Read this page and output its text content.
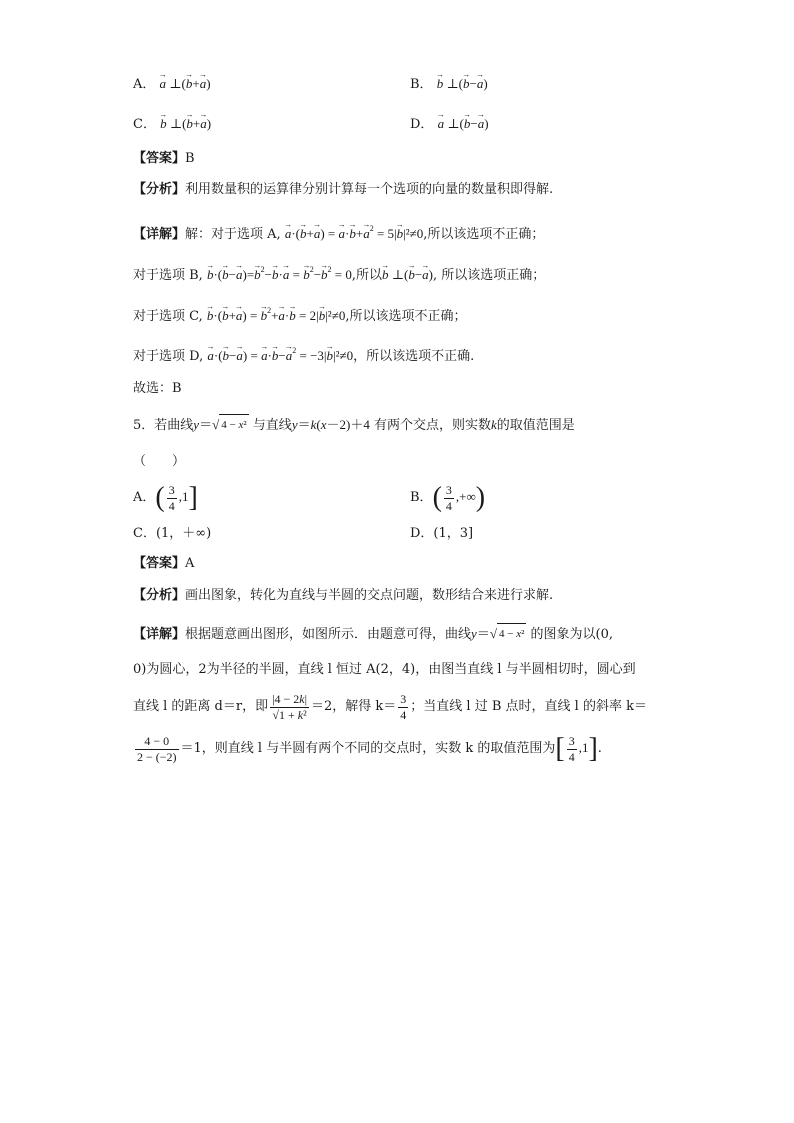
A． → a ⊥(→ b+→ a)	B． → b ⊥(→ b−→ a)
C． → b ⊥(→ b+→ a)	D． → a ⊥(→ b−→ a)
【答案】B
【分析】利用数量积的运算律分别计算每一个选项的向量的数量积即得解.
【详解】解：对于选项 A, → a·(→ b+→ a) = → $a\cdot\to b+\to a^2 = 5|\to b|^2\ne 0$,所以该选项不正确；
对于选项 B, → $b\cdot(\to b-\to a)=\to b^2-\to b\cdot\to a$ = → $b^2-\to b^2 = 0$,所以→ b ⊥(→ b−→ a), 所以该选项正确；
对于选项 C, → b·(→ b+→ a) = → $b^2+\to a\cdot\to b = 2|\to b|^2\ne 0$,所以该选项不正确；
对于选项 D, → a·(→ b−→ a) = → $a\cdot\to b-\to a^2 = -3|\to b|^2\ne 0$，所以该选项不正确.
故选：B
5．若曲线y＝√ 4 − x² 与直线y＝k(x－2)＋4 有两个交点，则实数k的取值范围是
（　　）
A．( $\frac{3}{4} ,1$]	B．( $\frac{3}{4}$ ,+∞)
C．(1，＋∞)	D．(1，3]
【答案】A
【分析】画出图象，转化为直线与半圆的交点问题，数形结合来进行求解.
【详解】根据题意画出图形，如图所示．由题意可得，曲线y＝√ 4 − x² 的图象为以(0,
0)为圆心，2为半径的半圆，直线 l 恒过 A(2，4)，由图当直线 l 与半圆相切时，圆心到
直线 l 的距离 d＝r，即 $\frac{|4 - 2k|}{\text{√1 + k²}} =2$，解得 $k= \frac{3}{4}$ ；当直线 l 过 B 点时，直线 l 的斜率 k＝
$\frac{4 - 0}{2 - (-2)} =1$，则直线 l 与半圆有两个不同的交点时，实数 k 的取值范围为[ $\frac{3}{4} ,1$].
